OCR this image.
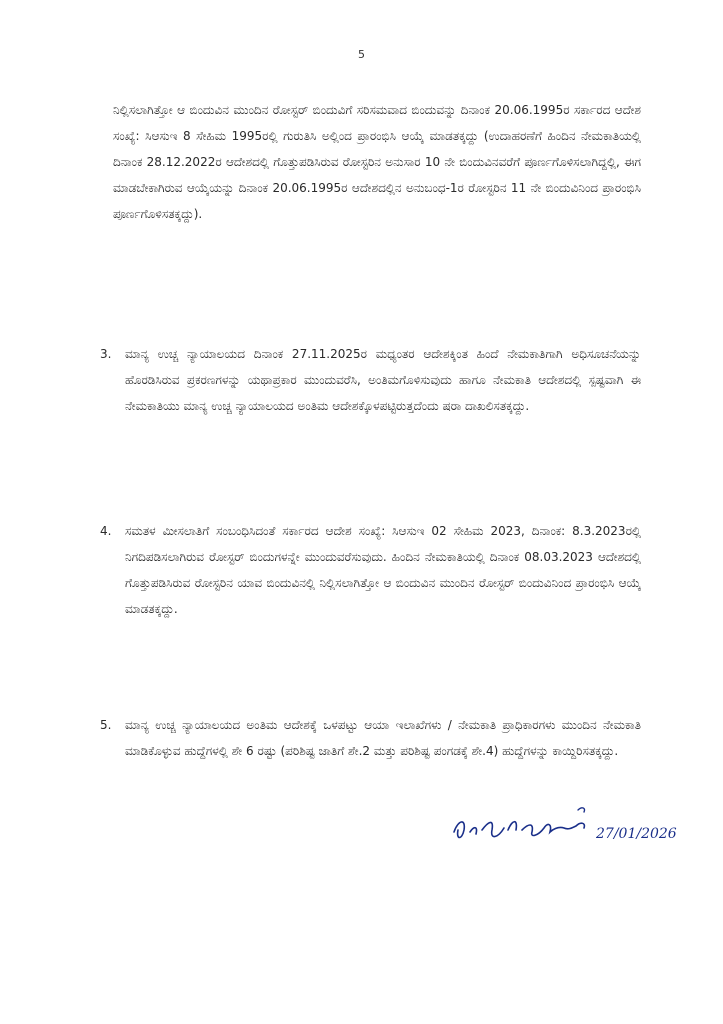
5
ನಿಲ್ಲಿಸಲಾಗಿತ್ತೋ ಆ ಬಿಂದುವಿನ ಮುಂದಿನ ರೋಸ್ಟರ್ ಬಿಂದುವಿಗೆ ಸರಿಸಮವಾದ ಬಿಂದುವನ್ನು ದಿನಾಂಕ 20.06.1995ರ ಸರ್ಕಾರದ ಆದೇಶ ಸಂಖ್ಯೆ: ಸಿಆಸುಇ 8 ಸೇಹಿಮ 1995ರಲ್ಲಿ ಗುರುತಿಸಿ ಅಲ್ಲಿಂದ ಪ್ರಾರಂಭಿಸಿ ಆಯ್ಕೆ ಮಾಡತಕ್ಕದ್ದು (ಉದಾಹರಣೆಗೆ ಹಿಂದಿನ ನೇಮಕಾತಿಯಲ್ಲಿ ದಿನಾಂಕ 28.12.2022ರ ಆದೇಶದಲ್ಲಿ ಗೊತ್ತುಪಡಿಸಿರುವ ರೋಸ್ಟರಿನ ಅನುಸಾರ 10 ನೇ ಬಿಂದುವಿನವರೆಗೆ ಪೂರ್ಣಗೊಳಿಸಲಾಗಿದ್ದಲ್ಲಿ, ಈಗ ಮಾಡಬೇಕಾಗಿರುವ ಆಯ್ಕೆಯನ್ನು ದಿನಾಂಕ 20.06.1995ರ ಆದೇಶದಲ್ಲಿನ ಅನುಬಂಧ-1ರ ರೋಸ್ಟರಿನ 11 ನೇ ಬಿಂದುವಿನಿಂದ ಪ್ರಾರಂಭಿಸಿ ಪೂರ್ಣಗೊಳಿಸತಕ್ಕದ್ದು).
3.	ಮಾನ್ಯ ಉಚ್ಚ ನ್ಯಾಯಾಲಯದ ದಿನಾಂಕ 27.11.2025ರ ಮಧ್ಯಂತರ ಆದೇಶಕ್ಕಿಂತ ಹಿಂದೆ ನೇಮಕಾತಿಗಾಗಿ ಅಧಿಸೂಚನೆಯನ್ನು ಹೊರಡಿಸಿರುವ ಪ್ರಕರಣಗಳನ್ನು ಯಥಾಪ್ರಕಾರ ಮುಂದುವರೆಸಿ, ಅಂತಿಮಗೊಳಿಸುವುದು ಹಾಗೂ ನೇಮಕಾತಿ ಆದೇಶದಲ್ಲಿ ಸ್ಪಷ್ಟವಾಗಿ ಈ ನೇಮಕಾತಿಯು ಮಾನ್ಯ ಉಚ್ಚ ನ್ಯಾಯಾಲಯದ ಅಂತಿಮ ಆದೇಶಕ್ಕೊಳಪಟ್ಟಿರುತ್ತದೆಂದು ಷರಾ ದಾಖಲಿಸತಕ್ಕದ್ದು.
4.	ಸಮತಳ ಮೀಸಲಾತಿಗೆ ಸಂಬಂಧಿಸಿದಂತೆ ಸರ್ಕಾರದ ಆದೇಶ ಸಂಖ್ಯೆ: ಸಿಆಸುಇ 02 ಸೇಹಿಮ 2023, ದಿನಾಂಕ: 8.3.2023ರಲ್ಲಿ ನಿಗದಿಪಡಿಸಲಾಗಿರುವ ರೋಸ್ಟರ್ ಬಿಂದುಗಳನ್ನೇ ಮುಂದುವರೆಸುವುದು. ಹಿಂದಿನ ನೇಮಕಾತಿಯಲ್ಲಿ ದಿನಾಂಕ 08.03.2023 ಆದೇಶದಲ್ಲಿ ಗೊತ್ತುಪಡಿಸಿರುವ ರೋಸ್ಟರಿನ ಯಾವ ಬಿಂದುವಿನಲ್ಲಿ ನಿಲ್ಲಿಸಲಾಗಿತ್ತೋ ಆ ಬಿಂದುವಿನ ಮುಂದಿನ ರೋಸ್ಟರ್ ಬಿಂದುವಿನಿಂದ ಪ್ರಾರಂಭಿಸಿ ಆಯ್ಕೆ ಮಾಡತಕ್ಕದ್ದು.
5.	ಮಾನ್ಯ ಉಚ್ಚ ನ್ಯಾಯಾಲಯದ ಅಂತಿಮ ಆದೇಶಕ್ಕೆ ಒಳಪಟ್ಟು ಆಯಾ ಇಲಾಖೆಗಳು / ನೇಮಕಾತಿ ಪ್ರಾಧಿಕಾರಗಳು ಮುಂದಿನ ನೇಮಕಾತಿ ಮಾಡಿಕೊಳ್ಳುವ ಹುದ್ದೆಗಳಲ್ಲಿ ಶೇ 6 ರಷ್ಟು (ಪರಿಶಿಷ್ಟ ಜಾತಿಗೆ ಶೇ.2 ಮತ್ತು ಪರಿಶಿಷ್ಟ ಪಂಗಡಕ್ಕೆ ಶೇ.4) ಹುದ್ದೆಗಳನ್ನು ಕಾಯ್ದಿರಿಸತಕ್ಕದ್ದು.
27/01/2026
